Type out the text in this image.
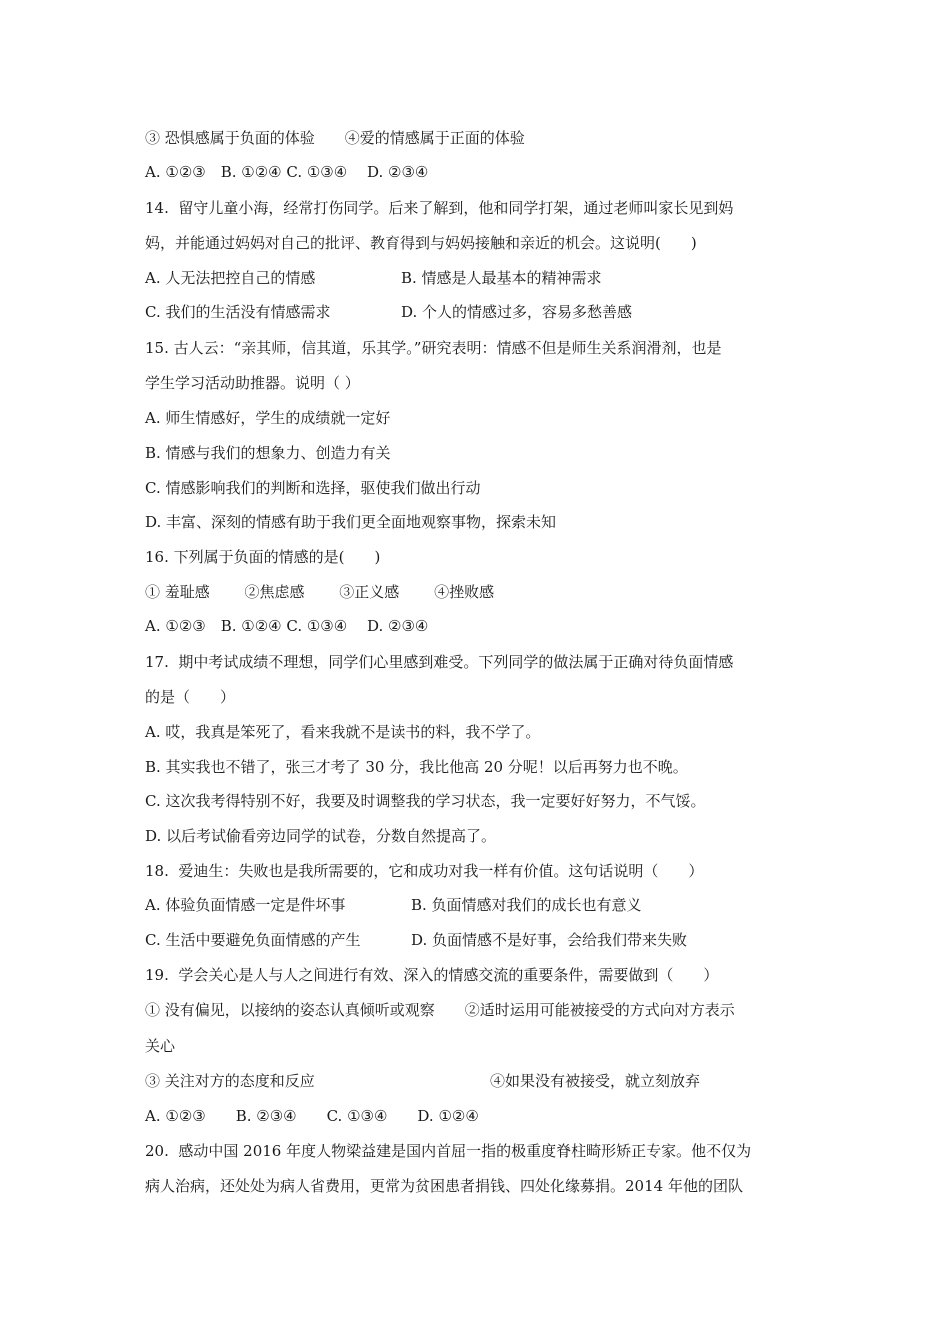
③ 恐惧感属于负面的体验　　④爱的情感属于正面的体验
A. ①②③　B. ①②④ C. ①③④　 D. ②③④
14.  留守儿童小海，经常打伤同学。后来了解到，他和同学打架，通过老师叫家长见到妈
妈，并能通过妈妈对自己的批评、教育得到与妈妈接触和亲近的机会。这说明(　　)
A. 人无法把控自己的情感	B. 情感是人最基本的精神需求
C. 我们的生活没有情感需求	D. 个人的情感过多，容易多愁善感
15. 古人云：“亲其师，信其道，乐其学。”研究表明：情感不但是师生关系润滑剂，也是
学生学习活动助推器。说明（ ）
A. 师生情感好，学生的成绩就一定好
B. 情感与我们的想象力、创造力有关
C. 情感影响我们的判断和选择，驱使我们做出行动
D. 丰富、深刻的情感有助于我们更全面地观察事物，探索未知
16. 下列属于负面的情感的是(　　)
① 羞耻感　　 ②焦虑感　　 ③正义感　　 ④挫败感
A. ①②③　B. ①②④ C. ①③④　 D. ②③④
17.  期中考试成绩不理想，同学们心里感到难受。下列同学的做法属于正确对待负面情感
的是（　　）
A. 哎，我真是笨死了，看来我就不是读书的料，我不学了。
B. 其实我也不错了，张三才考了 30 分，我比他高 20 分呢！以后再努力也不晚。
C. 这次我考得特别不好，我要及时调整我的学习状态，我一定要好好努力，不气馁。
D. 以后考试偷看旁边同学的试卷，分数自然提高了。
18.  爱迪生：失败也是我所需要的，它和成功对我一样有价值。这句话说明（　　）
A. 体验负面情感一定是件坏事	B. 负面情感对我们的成长也有意义
C. 生活中要避免负面情感的产生	D. 负面情感不是好事，会给我们带来失败
19.  学会关心是人与人之间进行有效、深入的情感交流的重要条件，需要做到（　　）
① 没有偏见，以接纳的姿态认真倾听或观察　　②适时运用可能被接受的方式向对方表示
关心
③ 关注对方的态度和反应	④如果没有被接受，就立刻放弃
A. ①②③　　B. ②③④　　C. ①③④　　D. ①②④
20.  感动中国 2016 年度人物梁益建是国内首屈一指的极重度脊柱畸形矫正专家。他不仅为
病人治病，还处处为病人省费用，更常为贫困患者捐钱、四处化缘募捐。2014 年他的团队
